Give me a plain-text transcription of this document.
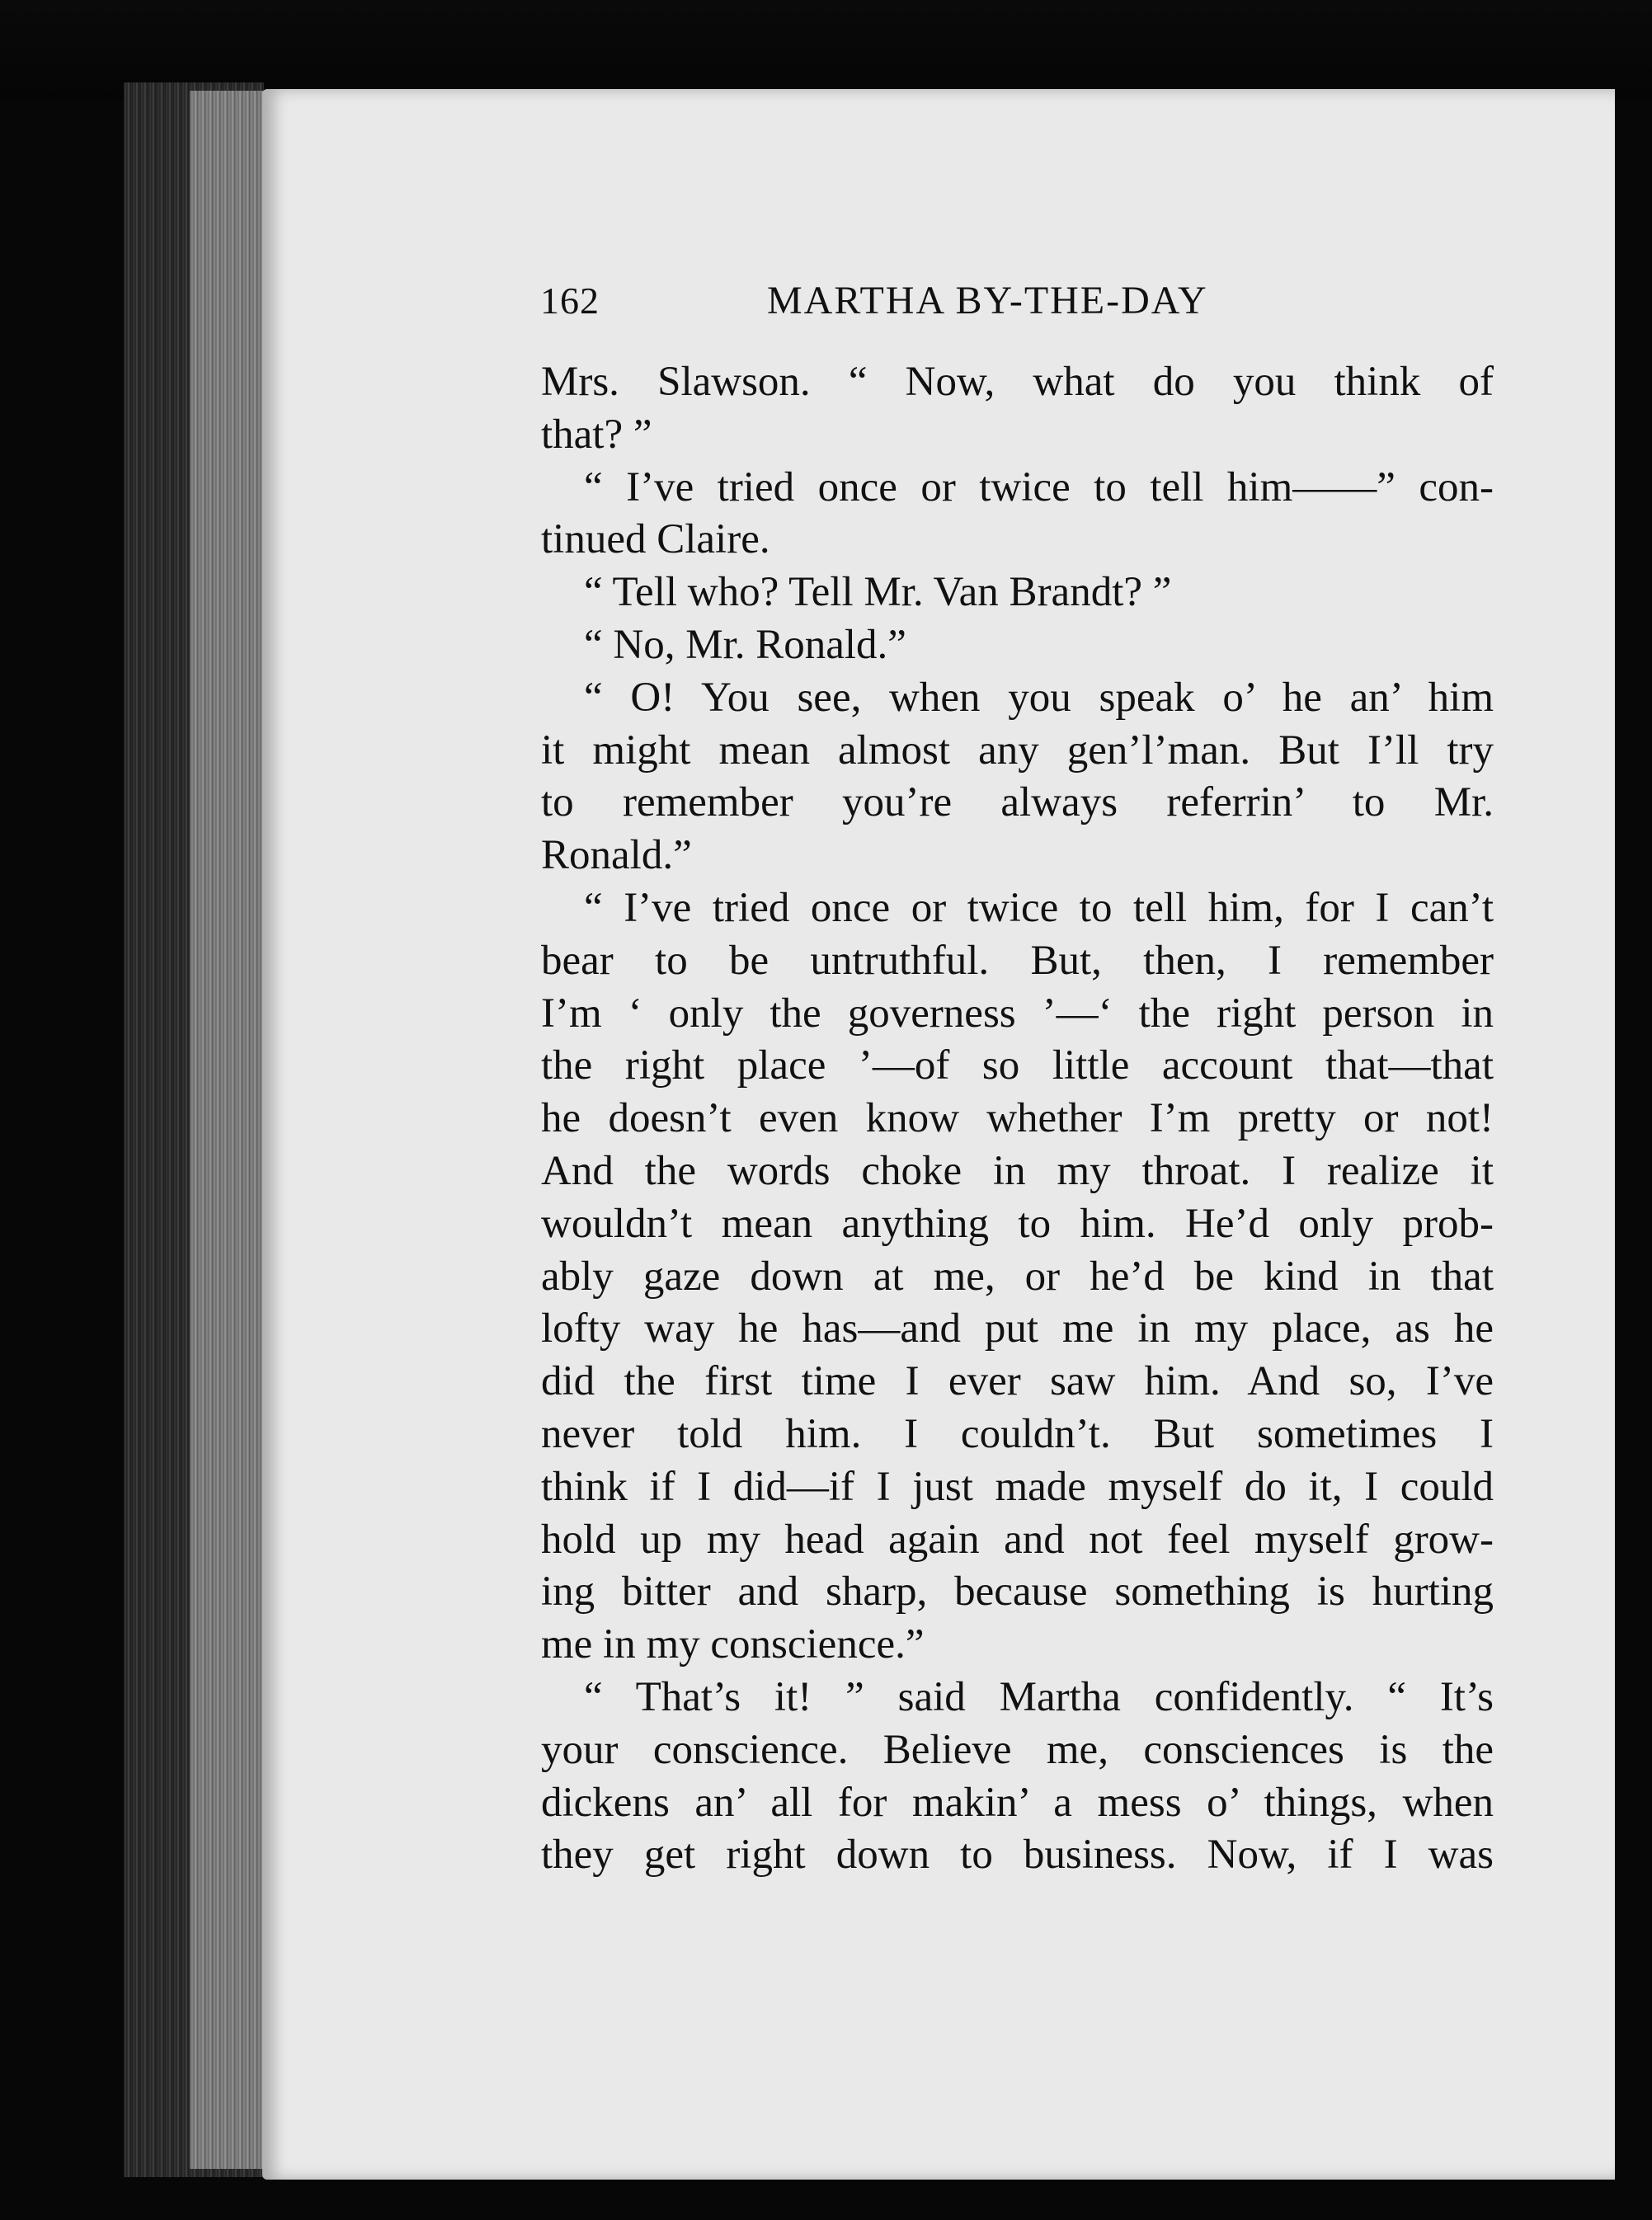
162	MARTHA BY-THE-DAY
Mrs. Slawson. “ Now, what do you think of
that? ”
“ I’ve tried once or twice to tell him——” con-
tinued Claire.
“ Tell who? Tell Mr. Van Brandt? ”
“ No, Mr. Ronald.”
“ O! You see, when you speak o’ he an’ him
it might mean almost any gen’l’man. But I’ll try
to remember you’re always referrin’ to Mr.
Ronald.”
“ I’ve tried once or twice to tell him, for I can’t
bear to be untruthful. But, then, I remember
I’m ‘ only the governess ’—‘ the right person in
the right place ’—of so little account that—that
he doesn’t even know whether I’m pretty or not!
And the words choke in my throat. I realize it
wouldn’t mean anything to him. He’d only prob-
ably gaze down at me, or he’d be kind in that
lofty way he has—and put me in my place, as he
did the first time I ever saw him. And so, I’ve
never told him. I couldn’t. But sometimes I
think if I did—if I just made myself do it, I could
hold up my head again and not feel myself grow-
ing bitter and sharp, because something is hurting
me in my conscience.”
“ That’s it! ” said Martha confidently. “ It’s
your conscience. Believe me, consciences is the
dickens an’ all for makin’ a mess o’ things, when
they get right down to business. Now, if I was
